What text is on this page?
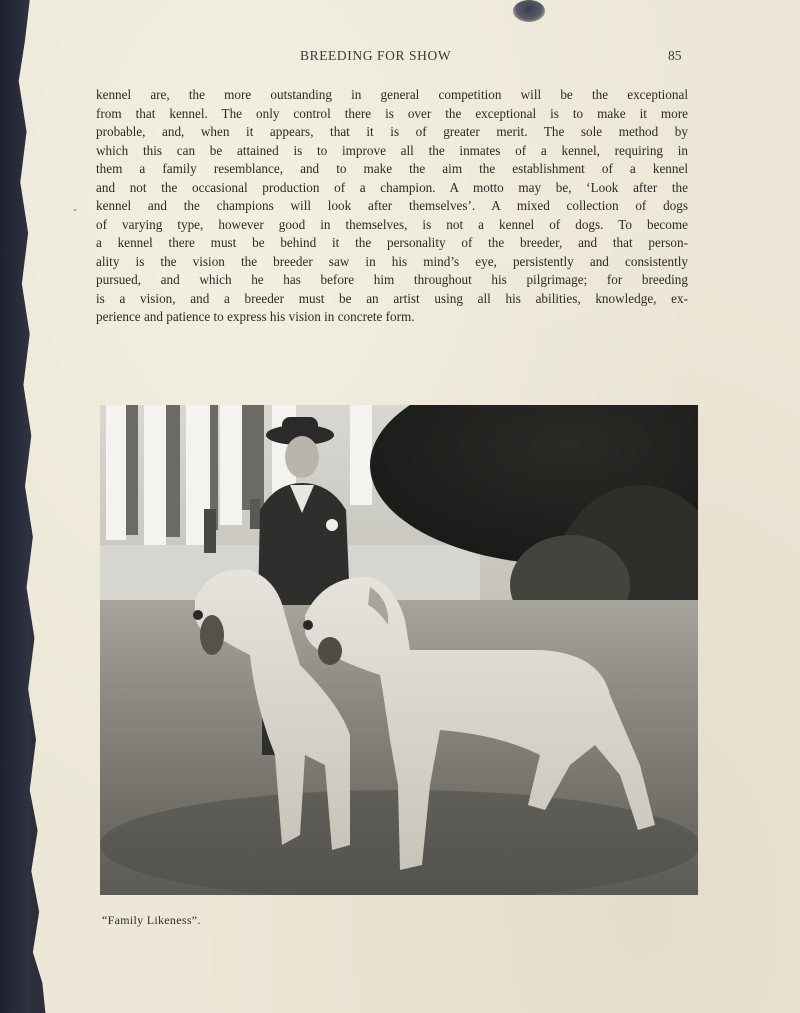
BREEDING FOR SHOW	85
-

kennel are, the more outstanding in general competition will be the exceptional
from that kennel. The only control there is over the exceptional is to make it more
probable, and, when it appears, that it is of greater merit. The sole method by
which this can be attained is to improve all the inmates of a kennel, requiring in
them a family resemblance, and to make the aim the establishment of a kennel
and not the occasional production of a champion. A motto may be, ‘Look after the
kennel and the champions will look after themselves’. A mixed collection of dogs
of varying type, however good in themselves, is not a kennel of dogs. To become
a kennel there must be behind it the personality of the breeder, and that person-
ality is the vision the breeder saw in his mind’s eye, persistently and consistently
pursued, and which he has before him throughout his pilgrimage; for breeding
is a vision, and a breeder must be an artist using all his abilities, knowledge, ex-
perience and patience to express his vision in concrete form.

“Family Likeness”.
